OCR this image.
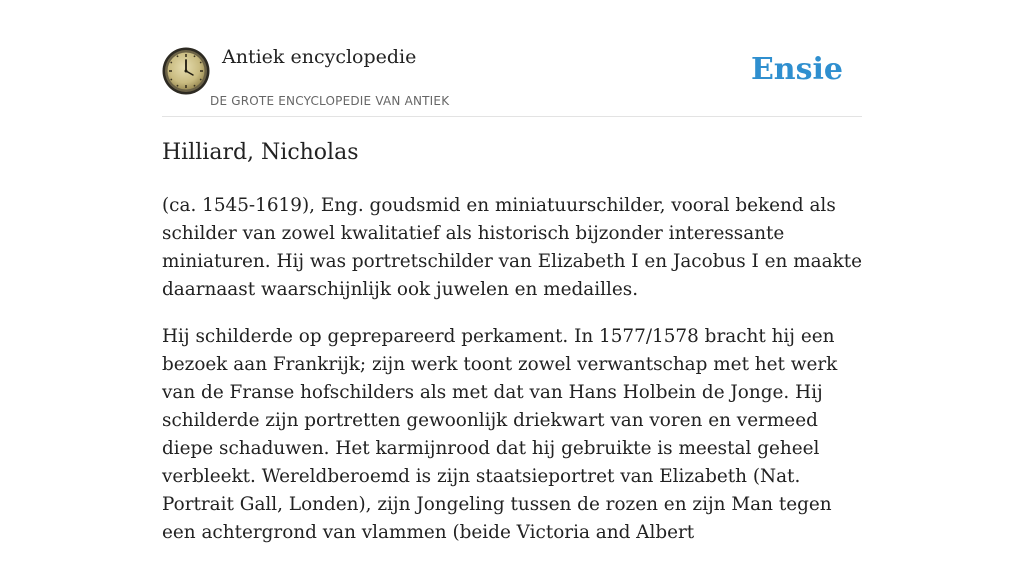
Antiek encyclopedie
DE GROTE ENCYCLOPEDIE VAN ANTIEK
Ensie
Hilliard, Nicholas

(ca. 1545-1619), Eng. goudsmid en miniatuurschilder, vooral bekend als schilder van zowel kwalitatief als historisch bijzonder interessante miniaturen. Hij was portretschilder van Elizabeth I en Jacobus I en maakte daarnaast waarschijnlijk ook juwelen en medailles.

Hij schilderde op geprepareerd perkament. In 1577/1578 bracht hij een bezoek aan Frankrijk; zijn werk toont zowel verwantschap met het werk van de Franse hofschilders als met dat van Hans Holbein de Jonge. Hij schilderde zijn portretten gewoonlijk driekwart van voren en vermeed diepe schaduwen. Het karmijnrood dat hij gebruikte is meestal geheel verbleekt. Wereldberoemd is zijn staatsieportret van Elizabeth (Nat. Portrait Gall, Londen), zijn Jongeling tussen de rozen en zijn Man tegen een achtergrond van vlammen (beide Victoria and Albert
